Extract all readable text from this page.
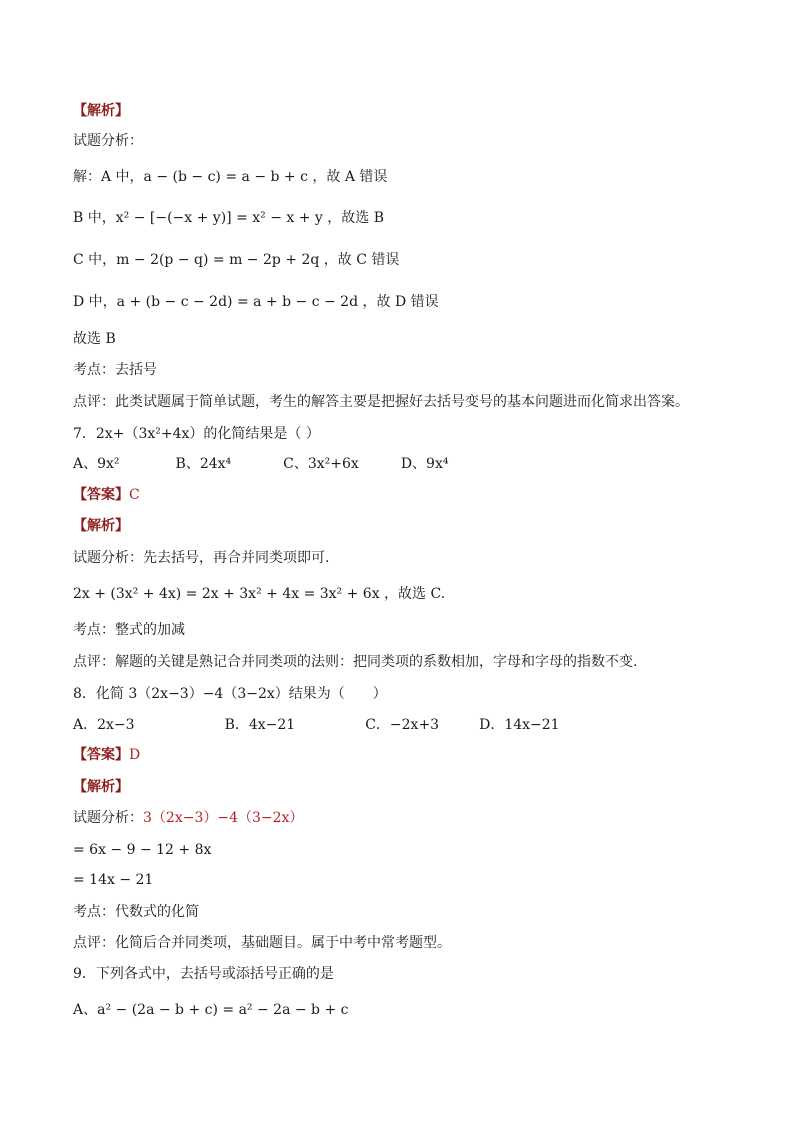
【解析】
试题分析：
解：A 中，a − (b − c) = a − b + c ，故 A 错误
B 中，x² − [−(−x + y)] = x² − x + y ，故选 B
C 中，m − 2(p − q) = m − 2p + 2q ，故 C 错误
D 中，a + (b − c − 2d) = a + b − c − 2d ，故 D 错误
故选 B
考点：去括号
点评：此类试题属于简单试题，考生的解答主要是把握好去括号变号的基本问题进而化简求出答案。
7．2x+（3x²+4x）的化简结果是（ ）
A、9x²	B、24x⁴	C、3x²+6x	D、9x⁴
【答案】C
【解析】
试题分析：先去括号，再合并同类项即可.
2x + (3x² + 4x) = 2x + 3x² + 4x = 3x² + 6x ，故选 C.
考点：整式的加减
点评：解题的关键是熟记合并同类项的法则：把同类项的系数相加，字母和字母的指数不变.
8．化简 3（2x−3）−4（3−2x）结果为（　　）
A．2x−3	B．4x−21	C．−2x+3	D．14x−21
【答案】D
【解析】
试题分析：3（2x−3）−4（3−2x）
= 6x − 9 − 12 + 8x
= 14x − 21
考点：代数式的化简
点评：化简后合并同类项，基础题目。属于中考中常考题型。
9．下列各式中，去括号或添括号正确的是
A、a² − (2a − b + c) = a² − 2a − b + c
